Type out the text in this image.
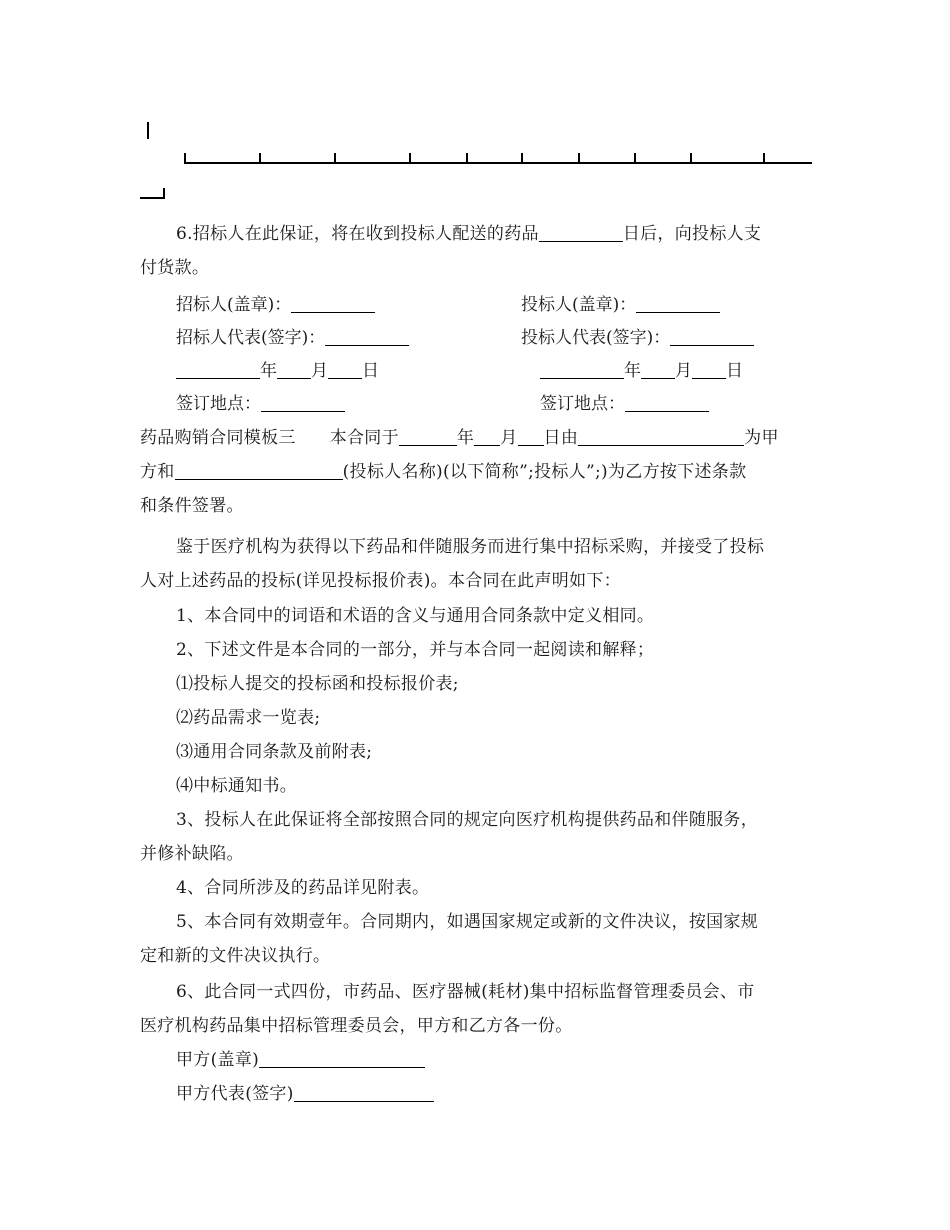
6.招标人在此保证，将在收到投标人配送的药品	日后，向投标人支
付货款。
招标人(盖章)：	投标人(盖章)：
招标人代表(签字)：	投标人代表(签字)：
年 月 日	年 月 日
签订地点：	签订地点：
药品购销合同模板三 本合同于	年 月 日由	为甲
方和	(投标人名称)(以下简称”;投标人”;)为乙方按下述条款
和条件签署。
鉴于医疗机构为获得以下药品和伴随服务而进行集中招标采购，并接受了投标
人对上述药品的投标(详见投标报价表)。本合同在此声明如下：
1、本合同中的词语和术语的含义与通用合同条款中定义相同。
2、下述文件是本合同的一部分，并与本合同一起阅读和解释；
⑴投标人提交的投标函和投标报价表;
⑵药品需求一览表;
⑶通用合同条款及前附表;
⑷中标通知书。
3、投标人在此保证将全部按照合同的规定向医疗机构提供药品和伴随服务，
并修补缺陷。
4、合同所涉及的药品详见附表。
5、本合同有效期壹年。合同期内，如遇国家规定或新的文件决议，按国家规
定和新的文件决议执行。
6、此合同一式四份，市药品、医疗器械(耗材)集中招标监督管理委员会、市
医疗机构药品集中招标管理委员会，甲方和乙方各一份。
甲方(盖章)
甲方代表(签字)
